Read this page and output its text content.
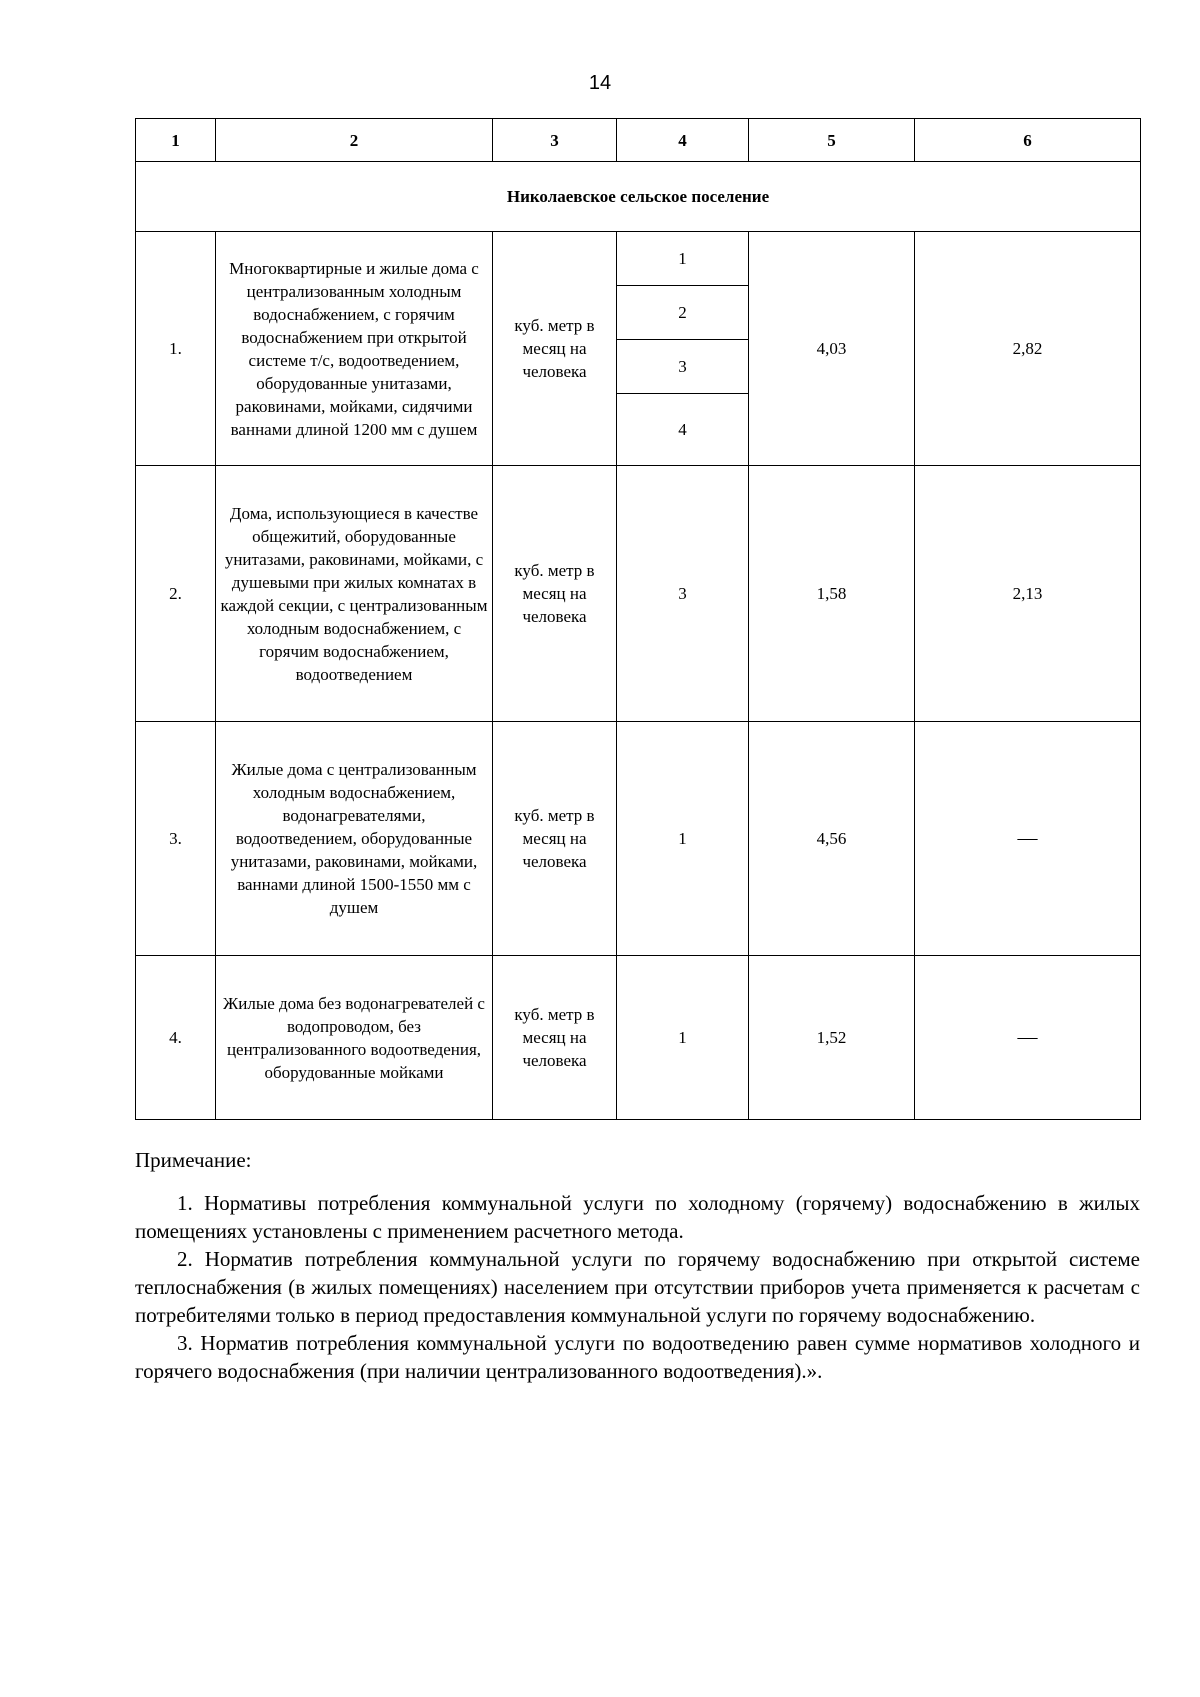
14
1	2	3	4	5	6
Николаевское сельское поселение					
1.	Многоквартирные и жилые дома с централизованным холодным водоснабжением, с горячим водоснабжением при открытой системе т/с, водоотведением, оборудованные унитазами, раковинами, мойками, сидячими ваннами длиной 1200 мм с душем	куб. метр в месяц на человека	1	4,03	2,82
			2		
			3		
			4		
2.	Дома, использующиеся в качестве общежитий, оборудованные унитазами, раковинами, мойками, с душевыми при жилых комнатах в каждой секции, с централизованным холодным водоснабжением, с горячим водоснабжением, водоотведением	куб. метр в месяц на человека	3	1,58	2,13
3.	Жилые дома с централизованным холодным водоснабжением, водонагревателями, водоотведением, оборудованные унитазами, раковинами, мойками, ваннами длиной 1500-1550 мм с душем	куб. метр в месяц на человека	1	4,56	—
4.	Жилые дома без водонагревателей с водопроводом, без централизованного водоотведения, оборудованные мойками	куб. метр в месяц на человека	1	1,52	—

Примечание:

1. Нормативы потребления коммунальной услуги по холодному (горячему) водоснабжению в жилых помещениях установлены с применением расчетного метода.

2. Норматив потребления коммунальной услуги по горячему водоснабжению при открытой системе теплоснабжения (в жилых помещениях) населением при отсутствии приборов учета применяется к расчетам с потребителями только в период предоставления коммунальной услуги по горячему водоснабжению.

3. Норматив потребления коммунальной услуги по водоотведению равен сумме нормативов холодного и горячего водоснабжения (при наличии централизованного водоотведения).».
